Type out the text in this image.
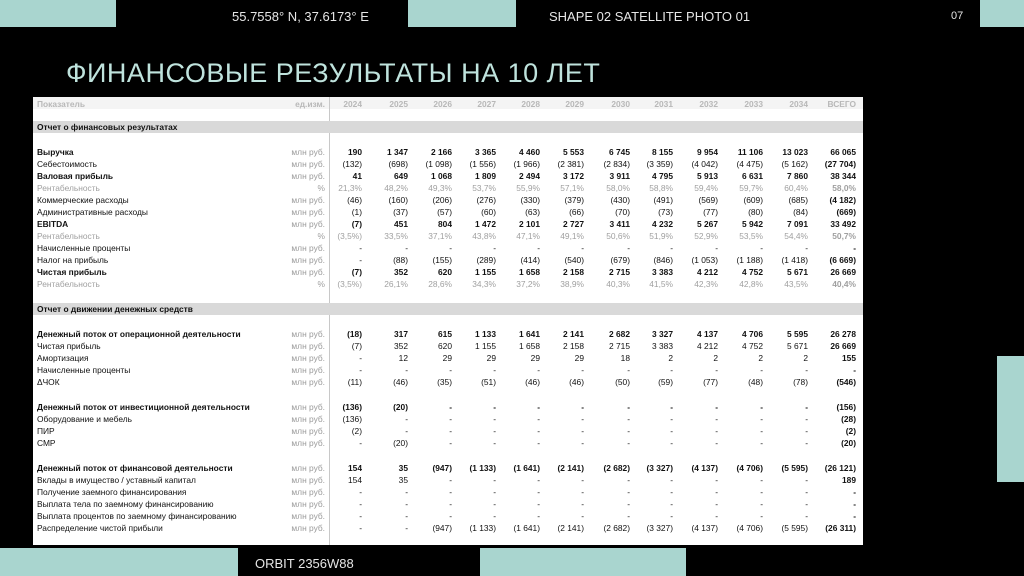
55.7558° N, 37.6173° E	SHAPE 02 SATELLITE PHOTO 01	07
ORBIT 2356W88
ФИНАНСОВЫЕ РЕЗУЛЬТАТЫ НА 10 ЛЕТ
Показатель	ед.изм.	2024	2025	2026	2027	2028	2029	2030	2031	2032	2033	2034	ВСЕГО
Отчет о финансовых результатах
Выручка	млн руб.	190	1 347	2 166	3 365	4 460	5 553	6 745	8 155	9 954	11 106	13 023	66 065
Себестоимость	млн руб.	(132)	(698)	(1 098)	(1 556)	(1 966)	(2 381)	(2 834)	(3 359)	(4 042)	(4 475)	(5 162)	(27 704)
Валовая прибыль	млн руб.	41	649	1 068	1 809	2 494	3 172	3 911	4 795	5 913	6 631	7 860	38 344
Рентабельность	%	21,3%	48,2%	49,3%	53,7%	55,9%	57,1%	58,0%	58,8%	59,4%	59,7%	60,4%	58,0%
Коммерческие расходы	млн руб.	(46)	(160)	(206)	(276)	(330)	(379)	(430)	(491)	(569)	(609)	(685)	(4 182)
Административные расходы	млн руб.	(1)	(37)	(57)	(60)	(63)	(66)	(70)	(73)	(77)	(80)	(84)	(669)
EBITDA	млн руб.	(7)	451	804	1 472	2 101	2 727	3 411	4 232	5 267	5 942	7 091	33 492
Рентабельность	%	(3,5%)	33,5%	37,1%	43,8%	47,1%	49,1%	50,6%	51,9%	52,9%	53,5%	54,4%	50,7%
Начисленные проценты	млн руб.	-	-	-	-	-	-	-	-	-	-	-	-
Налог на прибыль	млн руб.	-	(88)	(155)	(289)	(414)	(540)	(679)	(846)	(1 053)	(1 188)	(1 418)	(6 669)
Чистая прибыль	млн руб.	(7)	352	620	1 155	1 658	2 158	2 715	3 383	4 212	4 752	5 671	26 669
Рентабельность	%	(3,5%)	26,1%	28,6%	34,3%	37,2%	38,9%	40,3%	41,5%	42,3%	42,8%	43,5%	40,4%
Отчет о движении денежных средств
Денежный поток от операционной деятельности	млн руб.	(18)	317	615	1 133	1 641	2 141	2 682	3 327	4 137	4 706	5 595	26 278
Чистая прибыль	млн руб.	(7)	352	620	1 155	1 658	2 158	2 715	3 383	4 212	4 752	5 671	26 669
Амортизация	млн руб.	-	12	29	29	29	29	18	2	2	2	2	155
Начисленные проценты	млн руб.	-	-	-	-	-	-	-	-	-	-	-	-
ΔЧОК	млн руб.	(11)	(46)	(35)	(51)	(46)	(46)	(50)	(59)	(77)	(48)	(78)	(546)
Денежный поток от инвестиционной деятельности	млн руб.	(136)	(20)	-	-	-	-	-	-	-	-	-	(156)
Оборудование и мебель	млн руб.	(136)	-	-	-	-	-	-	-	-	-	-	(28)
ПИР	млн руб.	(2)	-	-	-	-	-	-	-	-	-	-	(2)
СМР	млн руб.	-	(20)	-	-	-	-	-	-	-	-	-	(20)
Денежный поток от финансовой деятельности	млн руб.	154	35	(947)	(1 133)	(1 641)	(2 141)	(2 682)	(3 327)	(4 137)	(4 706)	(5 595)	(26 121)
Вклады в имущество / уставный капитал	млн руб.	154	35	-	-	-	-	-	-	-	-	-	189
Получение заемного финансирования	млн руб.	-	-	-	-	-	-	-	-	-	-	-	-
Выплата тела по заемному финансированию	млн руб.	-	-	-	-	-	-	-	-	-	-	-	-
Выплата процентов по заемному финансированию	млн руб.	-	-	-	-	-	-	-	-	-	-	-	-
Распределение чистой прибыли	млн руб.	-	-	(947)	(1 133)	(1 641)	(2 141)	(2 682)	(3 327)	(4 137)	(4 706)	(5 595)	(26 311)
